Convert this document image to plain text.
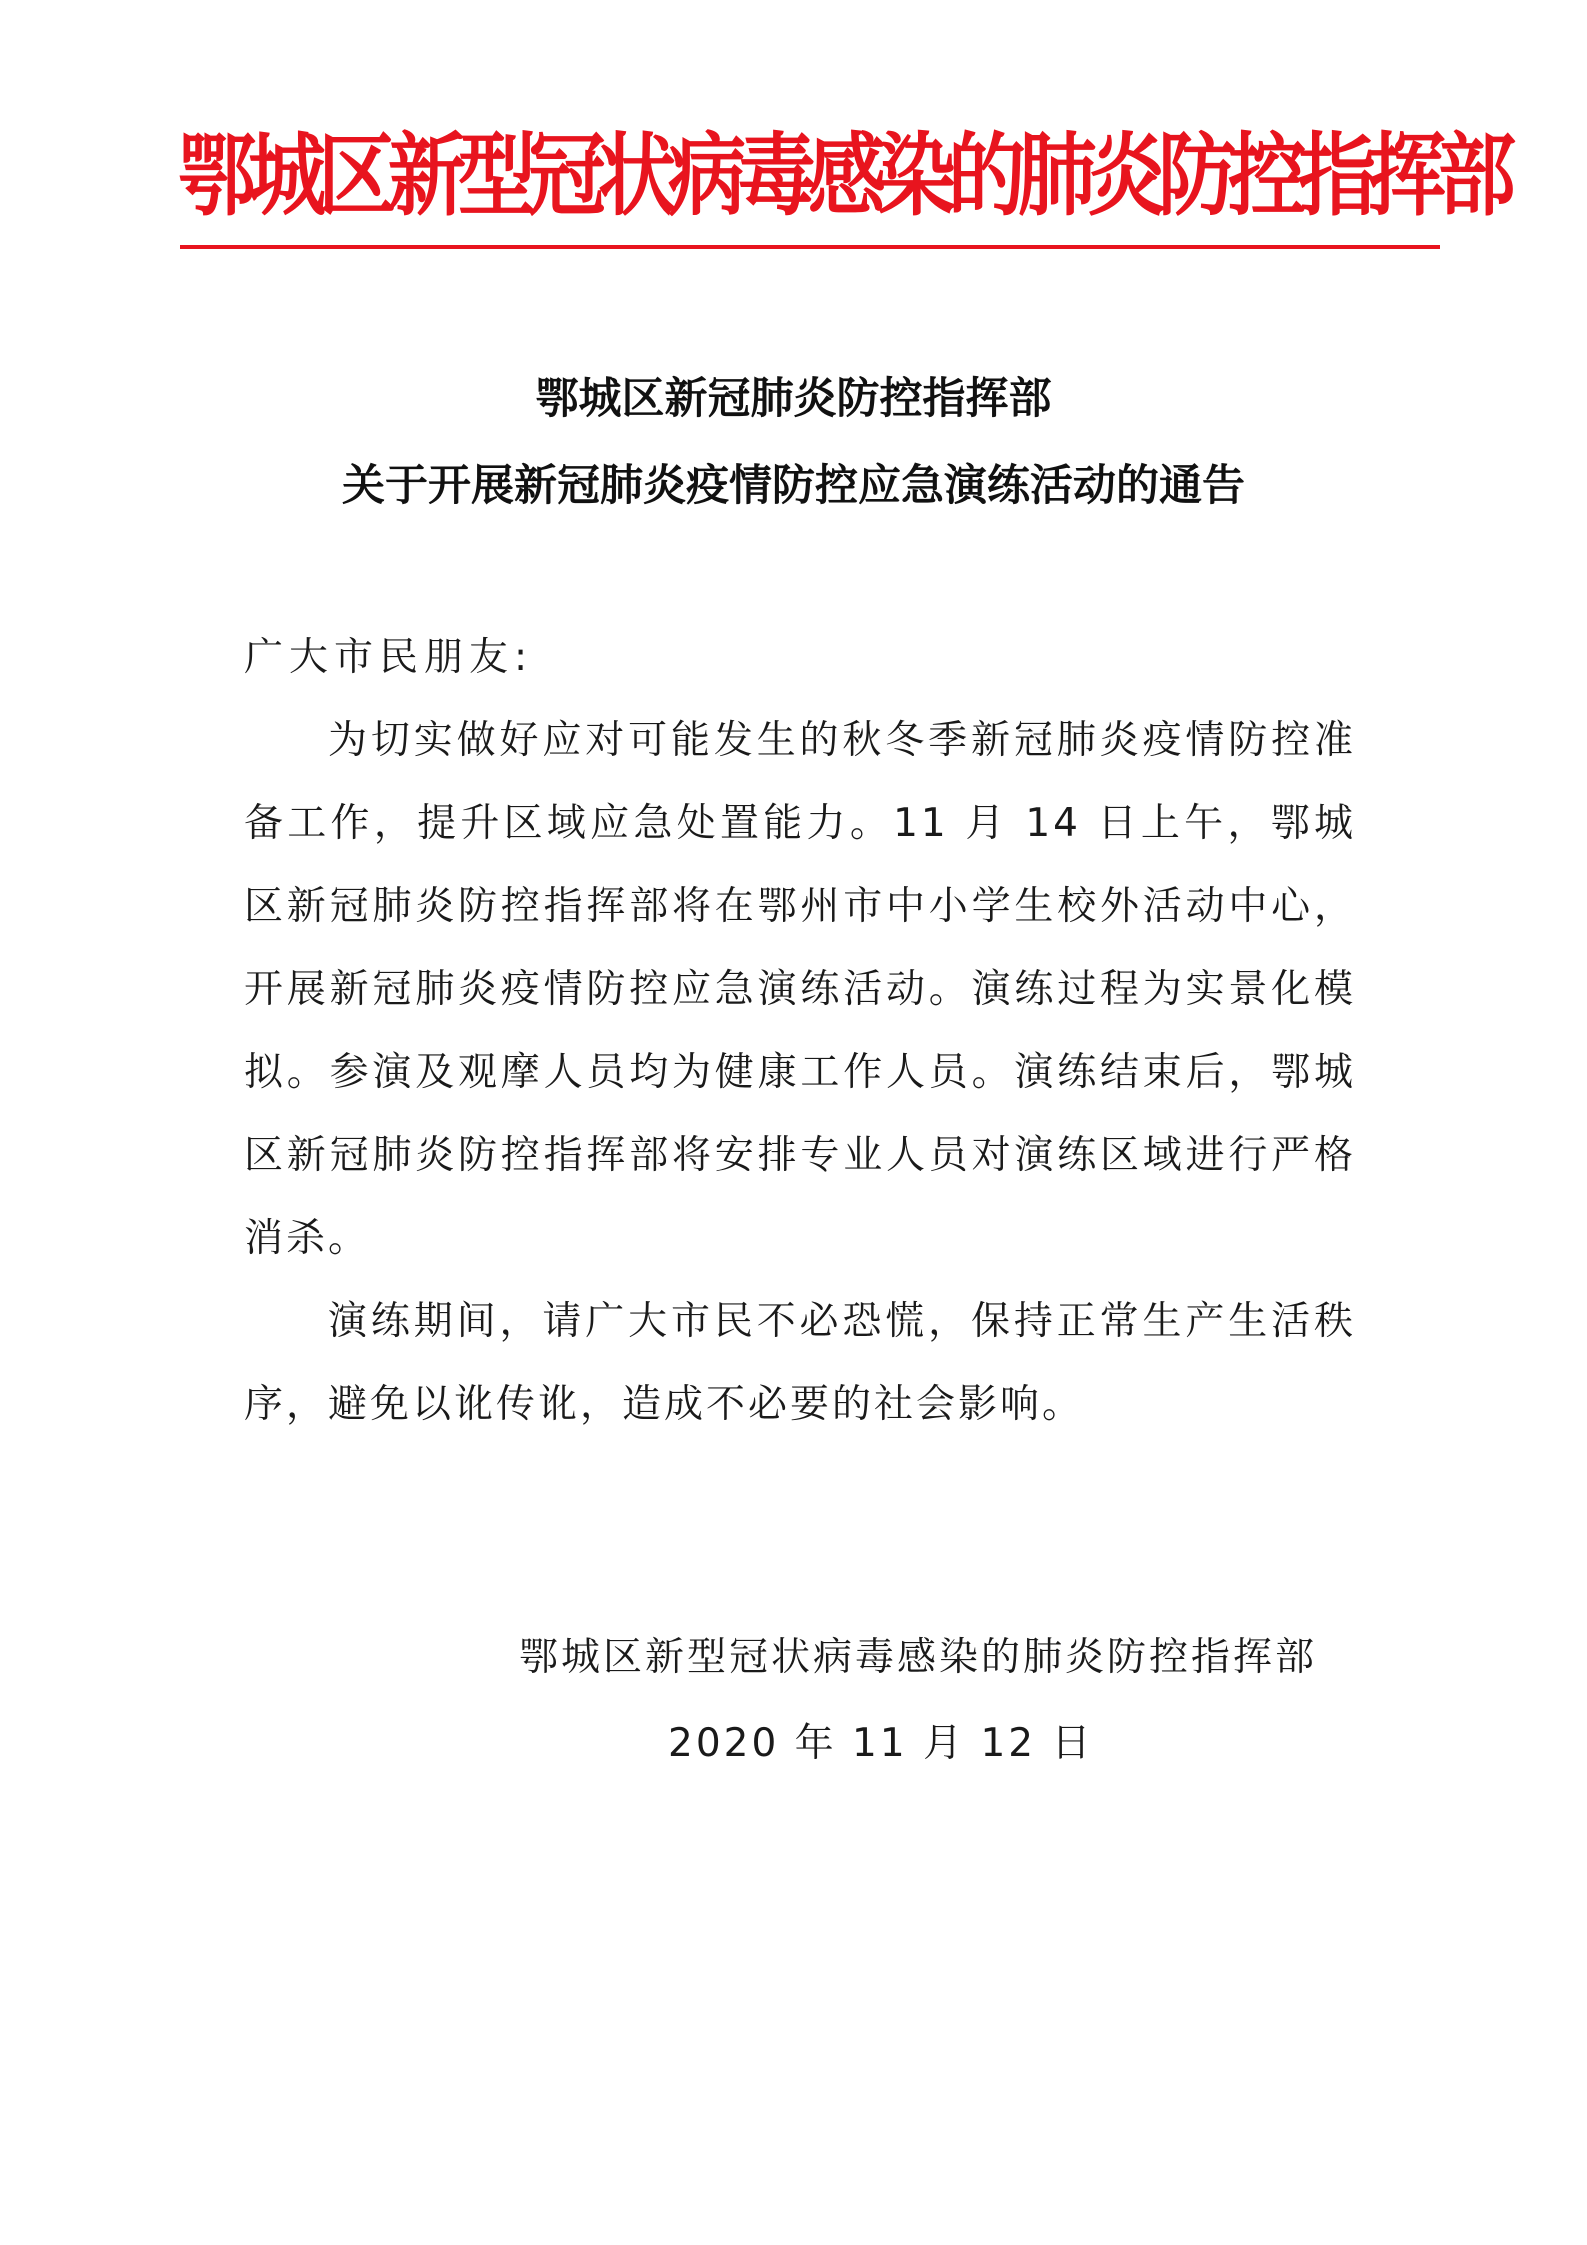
鄂城区新型冠状病毒感染的肺炎防控指挥部
鄂城区新冠肺炎防控指挥部
关于开展新冠肺炎疫情防控应急演练活动的通告

广大市民朋友:

为切实做好应对可能发生的秋冬季新冠肺炎疫情防控准备工作，提升区域应急处置能力。11 月 14 日上午，鄂城区新冠肺炎防控指挥部将在鄂州市中小学生校外活动中心，开展新冠肺炎疫情防控应急演练活动。演练过程为实景化模拟。参演及观摩人员均为健康工作人员。演练结束后，鄂城区新冠肺炎防控指挥部将安排专业人员对演练区域进行严格消杀。

演练期间，请广大市民不必恐慌，保持正常生产生活秩序，避免以讹传讹，造成不必要的社会影响。

鄂城区新型冠状病毒感染的肺炎防控指挥部
2020 年 11 月 12 日
